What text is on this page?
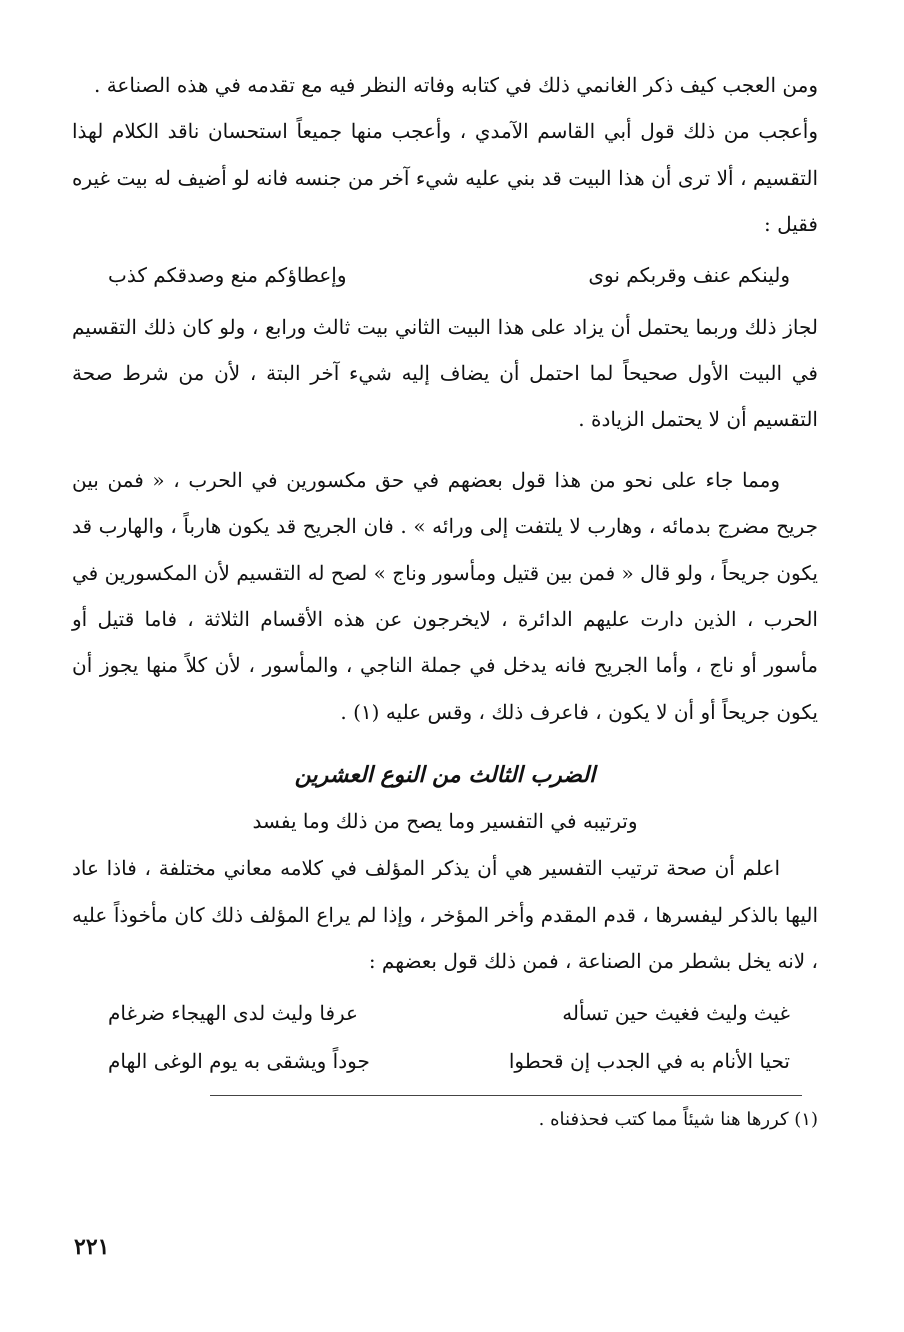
ومن العجب كيف ذكر الغانمي ذلك في كتابه وفاته النظر فيه مع تقدمه في هذه الصناعة .

وأعجب من ذلك قول أبي القاسم الآمدي ، وأعجب منها جميعاً استحسان ناقد الكلام لهذا التقسيم ، ألا ترى أن هذا البيت قد بني عليه شيء آخر من جنسه فانه لو أضيف له بيت غيره فقيل :

ولينكم عنف وقربكم نوى
وإعطاؤكم منع وصدقكم كذب

لجاز ذلك وربما يحتمل أن يزاد على هذا البيت الثاني بيت ثالث ورابع ، ولو كان ذلك التقسيم في البيت الأول صحيحاً لما احتمل أن يضاف إليه شيء آخر البتة ، لأن من شرط صحة التقسيم أن لا يحتمل الزيادة .

ومما جاء على نحو من هذا قول بعضهم في حق مكسورين في الحرب ، « فمن بين جريح مضرج بدمائه ، وهارب لا يلتفت إلى ورائه » . فان الجريح قد يكون هارباً ، والهارب قد يكون جريحاً ، ولو قال « فمن بين قتيل ومأسور وناج » لصح له التقسيم لأن المكسورين في الحرب ، الذين دارت عليهم الدائرة ، لايخرجون عن هذه الأقسام الثلاثة ، فاما قتيل أو مأسور أو ناج ، وأما الجريح فانه يدخل في جملة الناجي ، والمأسور ، لأن كلاً منها يجوز أن يكون جريحاً أو أن لا يكون ، فاعرف ذلك ، وقس عليه (١) .

الضرب الثالث من النوع العشرين
وترتيبه في التفسير وما يصح من ذلك وما يفسد

اعلم أن صحة ترتيب التفسير هي أن يذكر المؤلف في كلامه معاني مختلفة ، فاذا عاد اليها بالذكر ليفسرها ، قدم المقدم وأخر المؤخر ، وإذا لم يراع المؤلف ذلك كان مأخوذاً عليه ، لانه يخل بشطر من الصناعة ، فمن ذلك قول بعضهم :

غيث وليث فغيث حين تسأله
عرفا وليث لدى الهيجاء ضرغام
تحيا الأنام به في الجدب إن قحطوا
جوداً ويشقى به يوم الوغى الهام

(١) كررها هنا شيئاً مما كتب فحذفناه .

٢٢١
